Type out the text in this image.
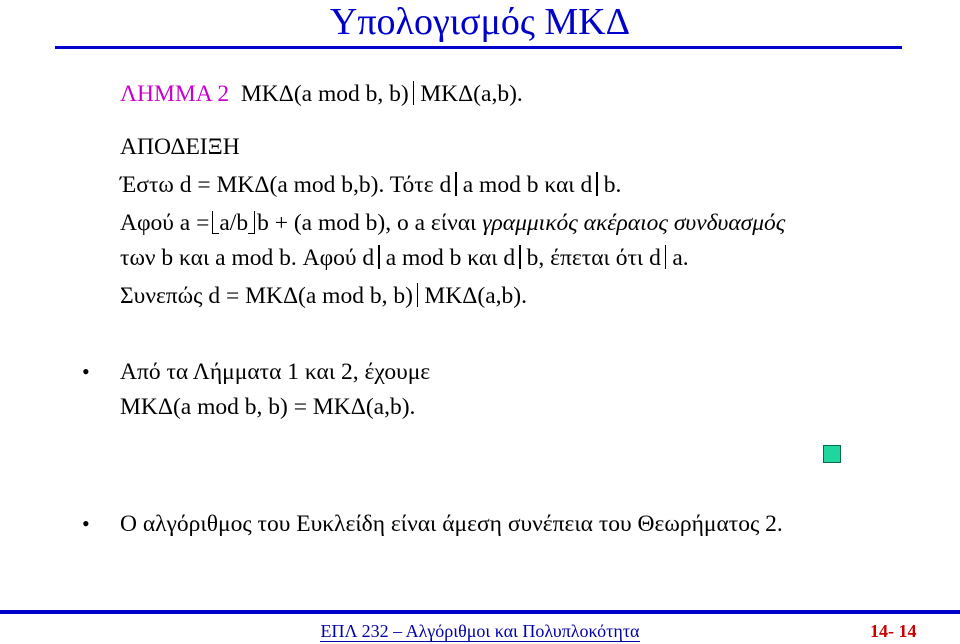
Υπολογισμός ΜΚΔ
ΛΗΜΜΑ 2 ΜΚΔ(a mod b, b) ΜΚΔ(a,b).
ΑΠΟΔΕΙΞΗ
Έστω d = ΜΚΔ(a mod b,b). Τότε d a mod b και d b.
Αφού a = a/b b + (a mod b), o a είναι γραμμικός ακέραιος συνδυασμός
των b και a mod b. Αφού d a mod b και d b, έπεται ότι d a.
Συνεπώς d = ΜΚΔ(a mod b, b) ΜΚΔ(a,b).
• Από τα Λήμματα 1 και 2, έχουμε
ΜΚΔ(a mod b, b) = ΜΚΔ(a,b).
• Ο αλγόριθμος του Ευκλείδη είναι άμεση συνέπεια του Θεωρήματος 2.
ΕΠΛ 232 – Αλγόριθμοι και Πολυπλοκότητα	14- 14
